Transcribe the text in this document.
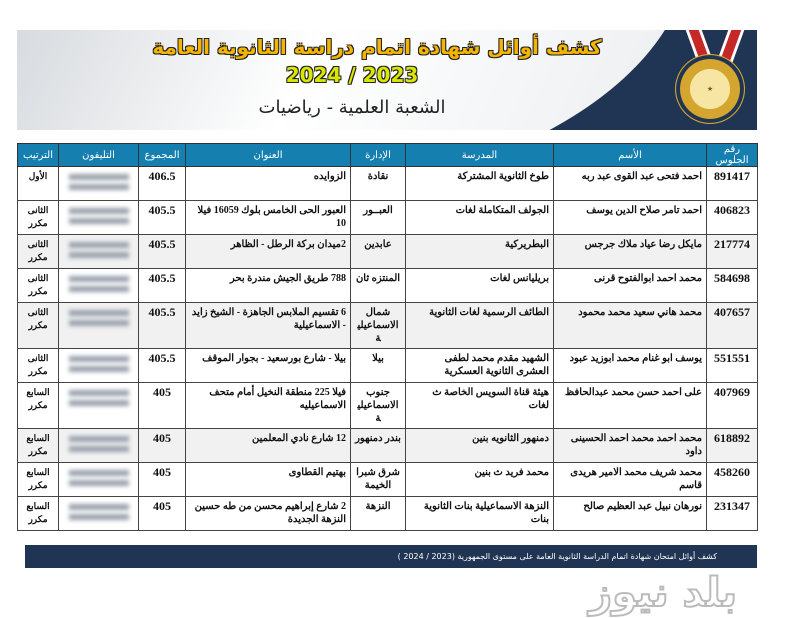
★
كشف أوائل شهادة اتمام دراسة الثانوية العامة
2024 / 2023
الشعبة العلمية - رياضيات
رقم الجلوس	الأسم	المدرسة	الإدارة	العنوان	المجموع	التليفون	الترتيب
891417	احمد فتحى عبد القوى عبد ربه	طوخ الثانوية المشتركة	نقادة	الزوايده	406.5		الأول
406823	احمد تامر صلاح الدين يوسف	الجولف المتكاملة لغات	العبــور	العبور الحى الخامس بلوك 16059 فيلا 10	405.5		الثانى مكرر
217774	مايكل رضا عياد ملاك جرجس	البطريركية	عابدين	2ميدان بركة الرطل - الظاهر	405.5		الثانى مكرر
584698	محمد احمد ابوالفتوح قرنى	بريليانس لغات	المنتزه ثان	788 طريق الجيش مندرة بحر	405.5		الثانى مكرر
407657	محمد هاني سعيد محمد محمود	الطائف الرسمية لغات الثانوية	شمال الاسماعيلية	6 تقسيم الملابس الجاهزة - الشيخ زايد - الاسماعيلية	405.5		الثانى مكرر
551551	يوسف ابو غنام محمد ابوزيد عبود	الشهيد مقدم محمد لطفى العشرى الثانوية العسكرية	بيلا	بيلا - شارع بورسعيد - بجوار الموقف	405.5		الثانى مكرر
407969	على احمد حسن محمد عبدالحافظ	هيئة قناة السويس الخاصة ث لغات	جنوب الاسماعيلية	فيلا 225 منطقة النخيل أمام متحف الاسماعيليه	405		السابع مكرر
618892	محمد احمد محمد احمد الحسينى داود	دمنهور الثانويه بنين	بندر دمنهور	12 شارع نادي المعلمين	405		السابع مكرر
458260	محمد شريف محمد الامير هريدى قاسم	محمد فريد ث بنين	شرق شبرا الخيمة	بهتيم القطاوى	405		السابع مكرر
231347	نورهان نبيل عبد العظيم صالح	النزهة الاسماعيلية بنات الثانوية بنات	النزهة	2 شارع إبراهيم محسن من طه حسين النزهة الجديدة	405		السابع مكرر
كشف أوائل امتحان شهادة اتمام الدراسة الثانوية العامة على مستوى الجمهورية (2023 / 2024 )
بلد نيوز
